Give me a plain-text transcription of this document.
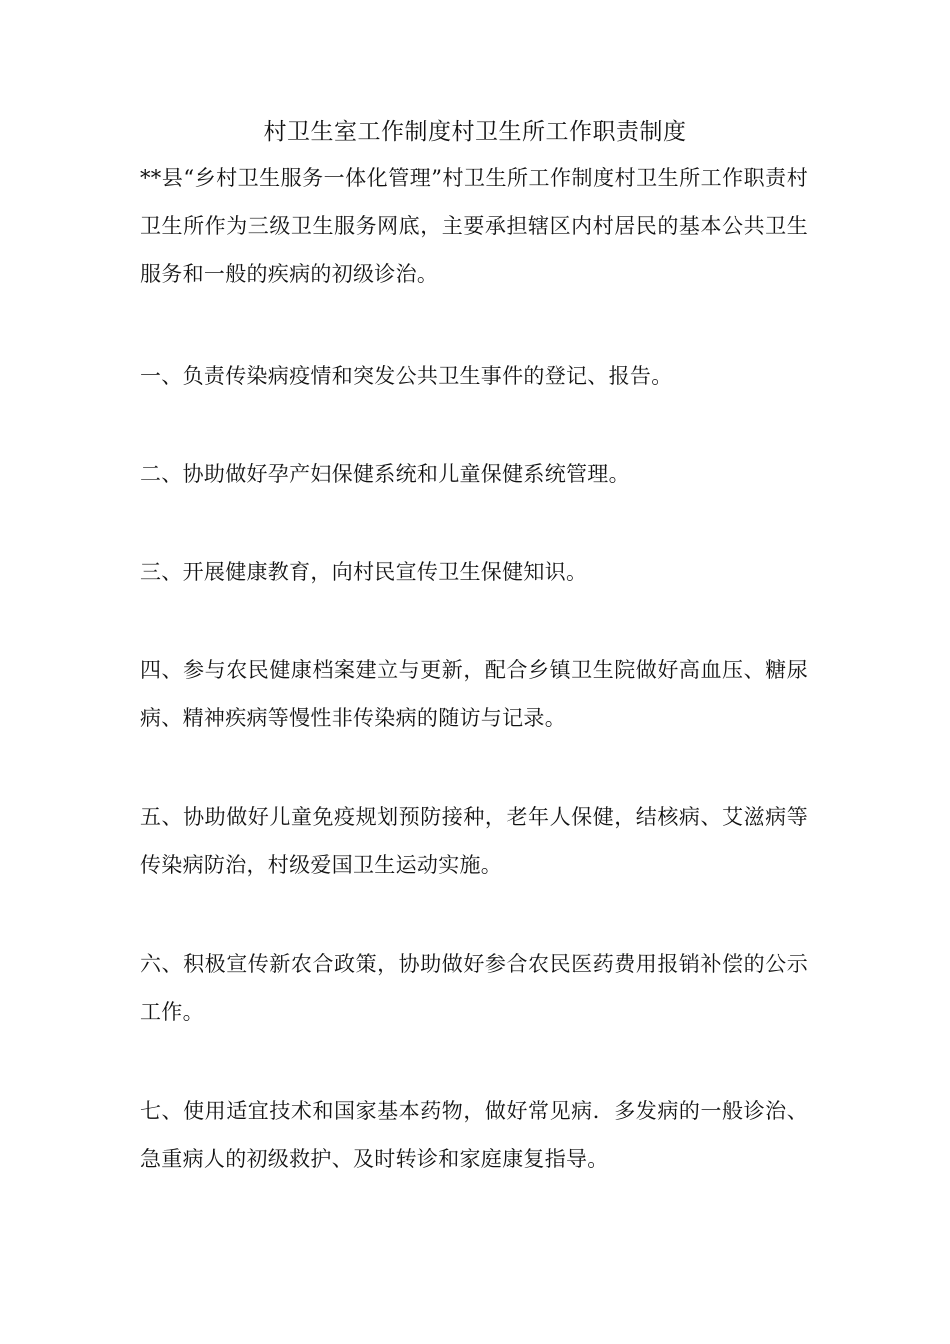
村卫生室工作制度村卫生所工作职责制度

**县“乡村卫生服务一体化管理”村卫生所工作制度村卫生所工作职责村卫生所作为三级卫生服务网底，主要承担辖区内村居民的基本公共卫生服务和一般的疾病的初级诊治。

一、负责传染病疫情和突发公共卫生事件的登记、报告。

二、协助做好孕产妇保健系统和儿童保健系统管理。

三、开展健康教育，向村民宣传卫生保健知识。

四、参与农民健康档案建立与更新，配合乡镇卫生院做好高血压、糖尿病、精神疾病等慢性非传染病的随访与记录。

五、协助做好儿童免疫规划预防接种，老年人保健，结核病、艾滋病等传染病防治，村级爱国卫生运动实施。

六、积极宣传新农合政策，协助做好参合农民医药费用报销补偿的公示工作。

七、使用适宜技术和国家基本药物，做好常见病．多发病的一般诊治、急重病人的初级救护、及时转诊和家庭康复指导。
